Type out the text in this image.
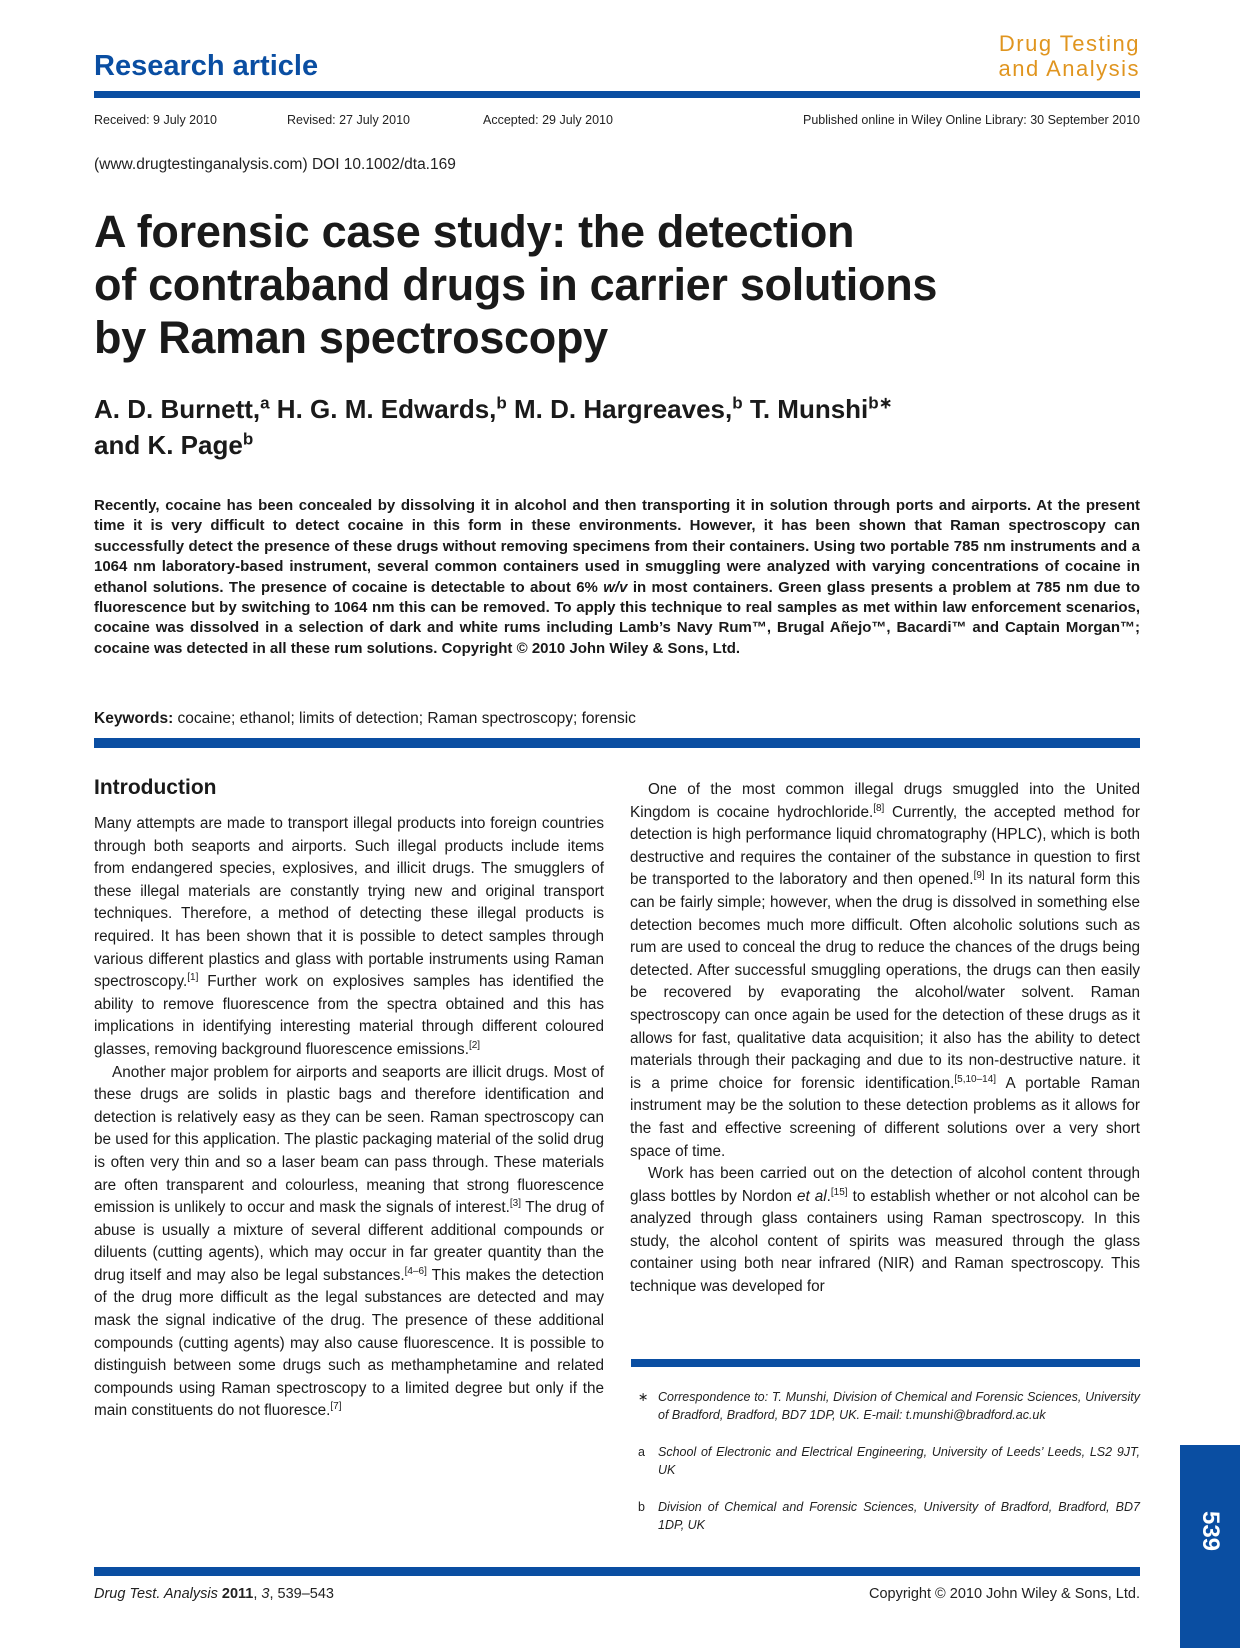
Research article
Drug Testing
and Analysis
Received: 9 July 2010	Revised: 27 July 2010	Accepted: 29 July 2010	Published online in Wiley Online Library: 30 September 2010
(www.drugtestinganalysis.com) DOI 10.1002/dta.169
A forensic case study: the detection
of contraband drugs in carrier solutions
by Raman spectroscopy
A. D. Burnett,$^a$ H. G. M. Edwards,$^b$ M. D. Hargreaves,$^b$ T. Munshi$^{b∗}$
and K. Page$^b$
Recently, cocaine has been concealed by dissolving it in alcohol and then transporting it in solution through ports and airports. At the present time it is very difficult to detect cocaine in this form in these environments. However, it has been shown that Raman spectroscopy can successfully detect the presence of these drugs without removing specimens from their containers. Using two portable 785 nm instruments and a 1064 nm laboratory-based instrument, several common containers used in smuggling were analyzed with varying concentrations of cocaine in ethanol solutions. The presence of cocaine is detectable to about 6% w/v in most containers. Green glass presents a problem at 785 nm due to fluorescence but by switching to 1064 nm this can be removed. To apply this technique to real samples as met within law enforcement scenarios, cocaine was dissolved in a selection of dark and white rums including Lamb’s Navy Rum™, Brugal Añejo™, Bacardi™ and Captain Morgan™; cocaine was detected in all these rum solutions. Copyright © 2010 John Wiley & Sons, Ltd.
Keywords: cocaine; ethanol; limits of detection; Raman spectroscopy; forensic
Introduction

Many attempts are made to transport illegal products into foreign countries through both seaports and airports. Such illegal products include items from endangered species, explosives, and illicit drugs. The smugglers of these illegal materials are constantly trying new and original transport techniques. Therefore, a method of detecting these illegal products is required. It has been shown that it is possible to detect samples through various different plastics and glass with portable instruments using Raman spectroscopy.[1] Further work on explosives samples has identified the ability to remove fluorescence from the spectra obtained and this has implications in identifying interesting material through different coloured glasses, removing background fluorescence emissions.[2]

Another major problem for airports and seaports are illicit drugs. Most of these drugs are solids in plastic bags and therefore identification and detection is relatively easy as they can be seen. Raman spectroscopy can be used for this application. The plastic packaging material of the solid drug is often very thin and so a laser beam can pass through. These materials are often transparent and colourless, meaning that strong fluorescence emission is unlikely to occur and mask the signals of interest.[3] The drug of abuse is usually a mixture of several different additional compounds or diluents (cutting agents), which may occur in far greater quantity than the drug itself and may also be legal substances.[4–6] This makes the detection of the drug more difficult as the legal substances are detected and may mask the signal indicative of the drug. The presence of these additional compounds (cutting agents) may also cause fluorescence. It is possible to distinguish between some drugs such as methamphetamine and related compounds using Raman spectroscopy to a limited degree but only if the main constituents do not fluoresce.[7]

One of the most common illegal drugs smuggled into the United Kingdom is cocaine hydrochloride.[8] Currently, the accepted method for detection is high performance liquid chromatography (HPLC), which is both destructive and requires the container of the substance in question to first be transported to the laboratory and then opened.[9] In its natural form this can be fairly simple; however, when the drug is dissolved in something else detection becomes much more difficult. Often alcoholic solutions such as rum are used to conceal the drug to reduce the chances of the drugs being detected. After successful smuggling operations, the drugs can then easily be recovered by evaporating the alcohol/water solvent. Raman spectroscopy can once again be used for the detection of these drugs as it allows for fast, qualitative data acquisition; it also has the ability to detect materials through their packaging and due to its non-destructive nature. it is a prime choice for forensic identification.[5,10–14] A portable Raman instrument may be the solution to these detection problems as it allows for the fast and effective screening of different solutions over a very short space of time.

Work has been carried out on the detection of alcohol content through glass bottles by Nordon et al.[15] to establish whether or not alcohol can be analyzed through glass containers using Raman spectroscopy. In this study, the alcohol content of spirits was measured through the glass container using both near infrared (NIR) and Raman spectroscopy. This technique was developed for

∗ Correspondence to: T. Munshi, Division of Chemical and Forensic Sciences, University of Bradford, Bradford, BD7 1DP, UK. E-mail: t.munshi@bradford.ac.uk
a School of Electronic and Electrical Engineering, University of Leeds’ Leeds, LS2 9JT, UK
b Division of Chemical and Forensic Sciences, University of Bradford, Bradford, BD7 1DP, UK
Drug Test. Analysis 2011, 3, 539–543	Copyright © 2010 John Wiley & Sons, Ltd.
539
